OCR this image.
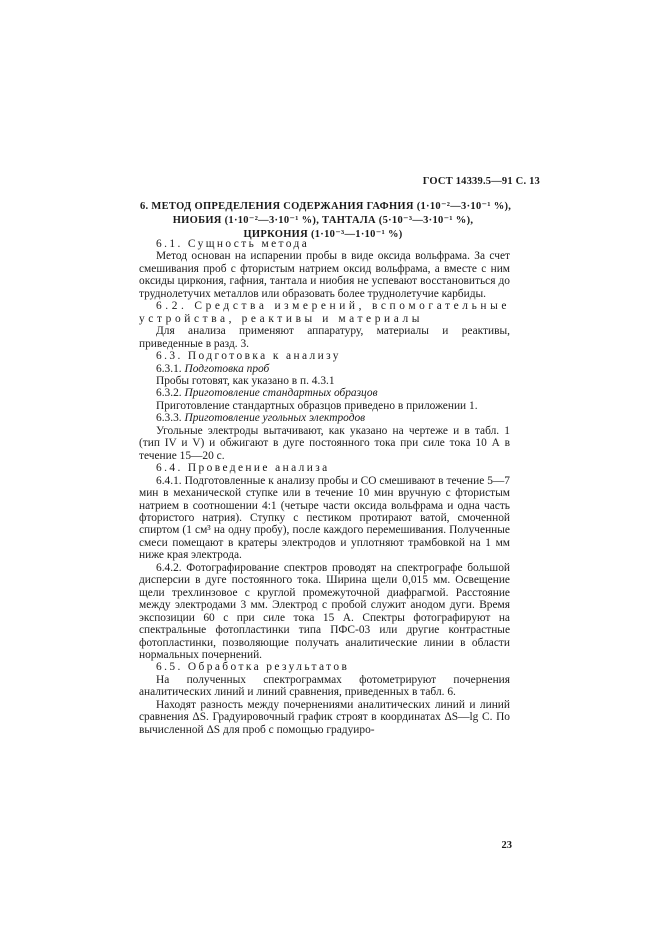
ГОСТ 14339.5—91 С. 13
6. МЕТОД ОПРЕДЕЛЕНИЯ СОДЕРЖАНИЯ ГАФНИЯ (1·10⁻²—3·10⁻¹ %),
НИОБИЯ (1·10⁻²—3·10⁻¹ %), ТАНТАЛА (5·10⁻³—3·10⁻¹ %),
ЦИРКОНИЯ (1·10⁻³—1·10⁻¹ %)

6.1. Сущность метода

Метод основан на испарении пробы в виде оксида вольфрама. За счет смешивания проб с фтористым натрием оксид вольфрама, а вместе с ним оксиды циркония, гафния, тантала и ниобия не успевают восстановиться до труднолетучих металлов или образовать более труднолетучие карбиды.

6.2. Средства измерений, вспомогательные устройства, реактивы и материалы

Для анализа применяют аппаратуру, материалы и реактивы, приведенные в разд. 3.

6.3. Подготовка к анализу

6.3.1. Подготовка проб

Пробы готовят, как указано в п. 4.3.1

6.3.2. Приготовление стандартных образцов

Приготовление стандартных образцов приведено в приложении 1.

6.3.3. Приготовление угольных электродов

Угольные электроды вытачивают, как указано на чертеже и в табл. 1 (тип IV и V) и обжигают в дуге постоянного тока при силе тока 10 А в течение 15—20 с.

6.4. Проведение анализа

6.4.1. Подготовленные к анализу пробы и СО смешивают в течение 5—7 мин в механической ступке или в течение 10 мин вручную с фтористым натрием в соотношении 4:1 (четыре части оксида вольфрама и одна часть фтористого натрия). Ступку с пестиком протирают ватой, смоченной спиртом (1 см³ на одну пробу), после каждого перемешивания. Полученные смеси помещают в кратеры электродов и уплотняют трамбовкой на 1 мм ниже края электрода.

6.4.2. Фотографирование спектров проводят на спектрографе большой дисперсии в дуге постоянного тока. Ширина щели 0,015 мм. Освещение щели трехлинзовое с круглой промежуточной диафрагмой. Расстояние между электродами 3 мм. Электрод с пробой служит анодом дуги. Время экспозиции 60 с при силе тока 15 А. Спектры фотографируют на спектральные фотопластинки типа ПФС-03 или другие контрастные фотопластинки, позволяющие получать аналитические линии в области нормальных почернений.

6.5. Обработка результатов

На полученных спектрограммах фотометрируют почернения аналитических линий и линий сравнения, приведенных в табл. 6.

Находят разность между почернениями аналитических линий и линий сравнения ΔS. Градуировочный график строят в координатах ΔS—lg C. По вычисленной ΔS для проб с помощью градуиро-

23
